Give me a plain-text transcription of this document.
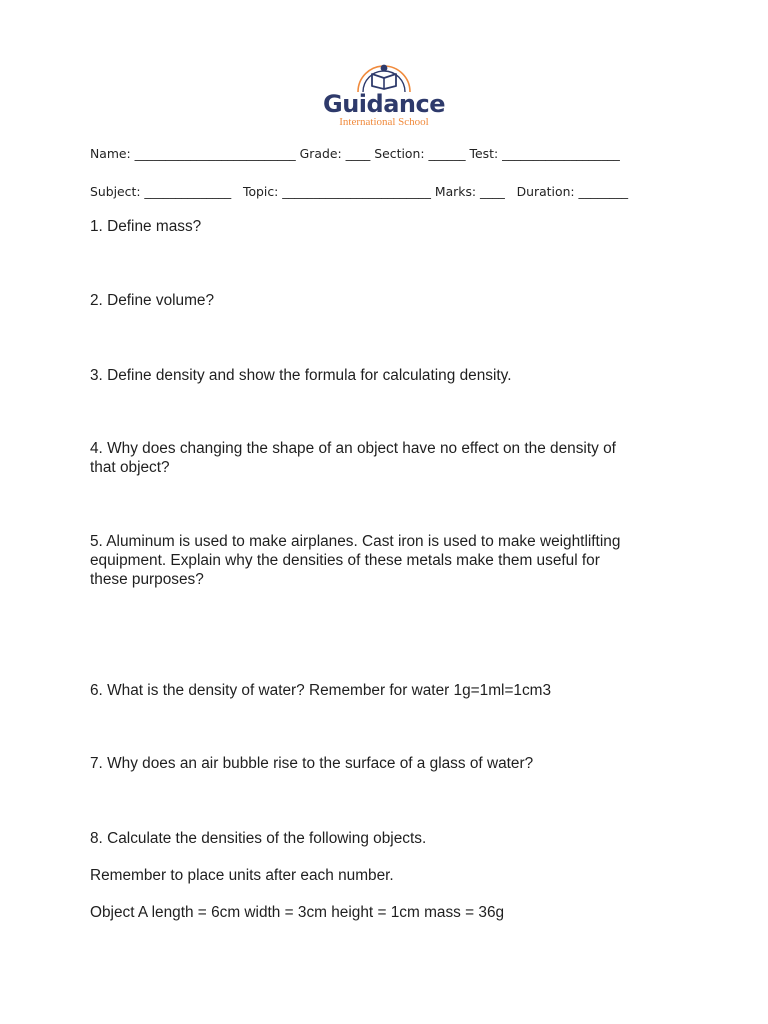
Guidance
International School
Name: __________________________ Grade: ____ Section: ______ Test: ___________________
Subject: ______________   Topic: ________________________ Marks: ____   Duration: ________
1. Define mass?
2. Define volume?
3. Define density and show the formula for calculating density.
4. Why does changing the shape of an object have no effect on the density of that object?
5. Aluminum is used to make airplanes. Cast iron is used to make weightlifting equipment. Explain why the densities of these metals make them useful for these purposes?
6. What is the density of water? Remember for water 1g=1ml=1cm3
7. Why does an air bubble rise to the surface of a glass of water?
8. Calculate the densities of the following objects.
Remember to place units after each number.
Object A length = 6cm width = 3cm height = 1cm mass = 36g
